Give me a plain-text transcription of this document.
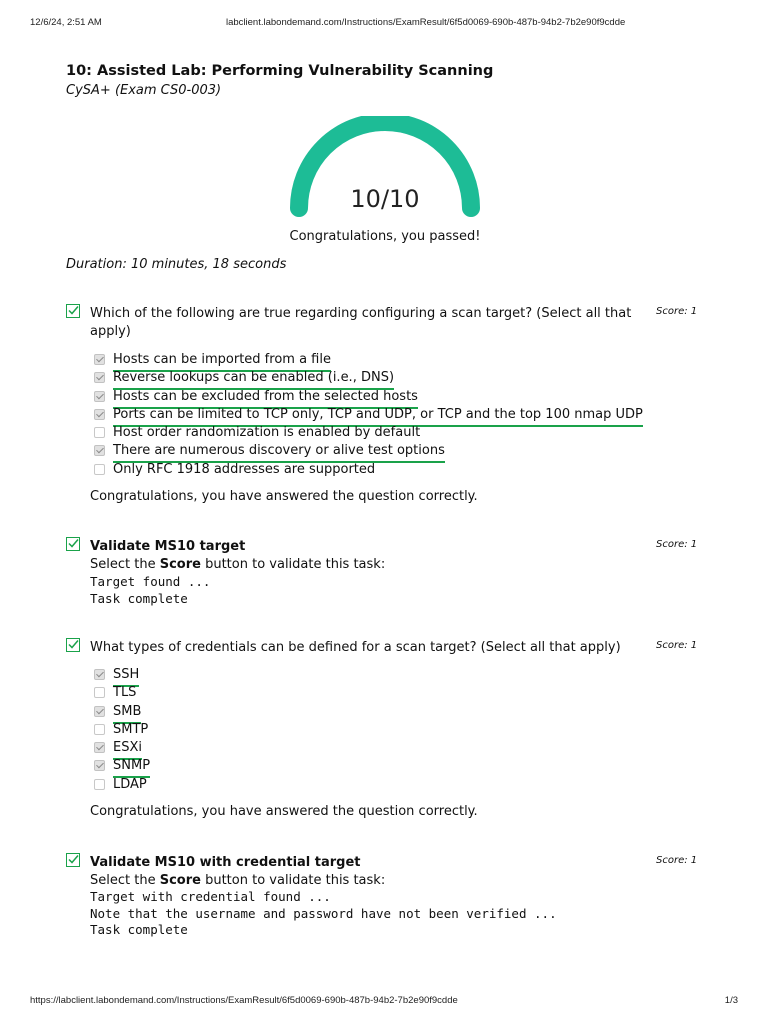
12/6/24, 2:51 AM	labclient.labondemand.com/Instructions/ExamResult/6f5d0069-690b-487b-94b2-7b2e90f9cdde
10: Assisted Lab: Performing Vulnerability Scanning
CySA+ (Exam CS0-003)
10/10
Congratulations, you passed!
Duration: 10 minutes, 18 seconds
Which of the following are true regarding configuring a scan target? (Select all that apply)
Score: 1
Hosts can be imported from a file
Reverse lookups can be enabled (i.e., DNS)
Hosts can be excluded from the selected hosts
Ports can be limited to TCP only, TCP and UDP, or TCP and the top 100 nmap UDP
Host order randomization is enabled by default
There are numerous discovery or alive test options
Only RFC 1918 addresses are supported
Congratulations, you have answered the question correctly.
Validate MS10 target	Score: 1
Select the Score button to validate this task:
Target found ...
Task complete
What types of credentials can be defined for a scan target? (Select all that apply)	Score: 1
SSH
TLS
SMB
SMTP
ESXi
SNMP
LDAP
Congratulations, you have answered the question correctly.
Validate MS10 with credential target	Score: 1
Select the Score button to validate this task:
Target with credential found ...
Note that the username and password have not been verified ...
Task complete
https://labclient.labondemand.com/Instructions/ExamResult/6f5d0069-690b-487b-94b2-7b2e90f9cdde	1/3
